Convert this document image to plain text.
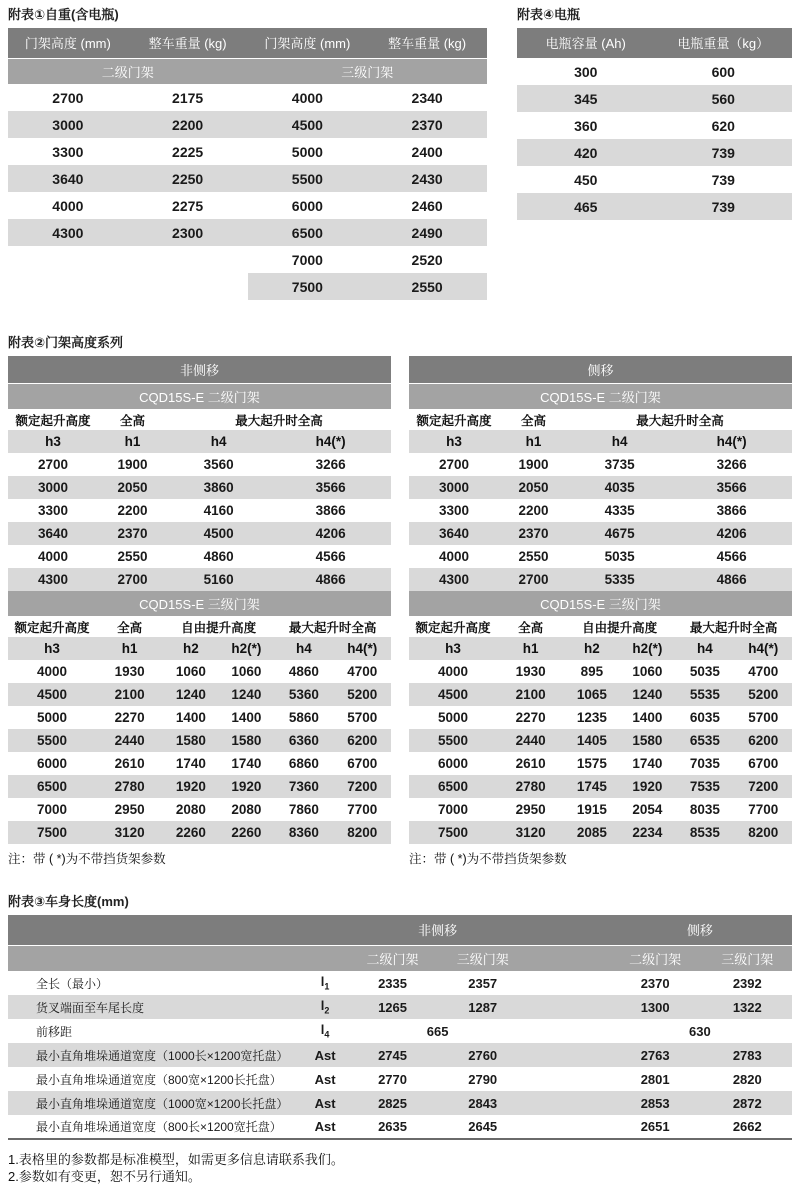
附表①自重(含电瓶)
门架高度 (mm)	整车重量 (kg)	门架高度 (mm)	整车重量 (kg)
二级门架		三级门架	
2700	2175	4000	2340
3000	2200	4500	2370
3300	2225	5000	2400
3640	2250	5500	2430
4000	2275	6000	2460
4300	2300	6500	2490
		7000	2520
		7500	2550
附表④电瓶
电瓶容量 (Ah)	电瓶重量（kg）
300	600
345	560
360	620
420	739
450	739
465	739
附表②门架高度系列
非侧移
CQD15S-E 二级门架			
额定起升高度	全高	最大起升时全高	
h3	h1	h4	h4(*)
2700	1900	3560	3266
3000	2050	3860	3566
3300	2200	4160	3866
3640	2370	4500	4206
4000	2550	4860	4566
4300	2700	5160	4866
CQD15S-E 三级门架					
额定起升高度	全高	自由提升高度		最大起升时全高	
h3	h1	h2	h2(*)	h4	h4(*)
4000	1930	1060	1060	4860	4700
4500	2100	1240	1240	5360	5200
5000	2270	1400	1400	5860	5700
5500	2440	1580	1580	6360	6200
6000	2610	1740	1740	6860	6700
6500	2780	1920	1920	7360	7200
7000	2950	2080	2080	7860	7700
7500	3120	2260	2260	8360	8200
注：带 ( *)为不带挡货架参数
侧移
CQD15S-E 二级门架			
额定起升高度	全高	最大起升时全高	
h3	h1	h4	h4(*)
2700	1900	3735	3266
3000	2050	4035	3566
3300	2200	4335	3866
3640	2370	4675	4206
4000	2550	5035	4566
4300	2700	5335	4866
CQD15S-E 三级门架					
额定起升高度	全高	自由提升高度		最大起升时全高	
h3	h1	h2	h2(*)	h4	h4(*)
4000	1930	895	1060	5035	4700
4500	2100	1065	1240	5535	5200
5000	2270	1235	1400	6035	5700
5500	2440	1405	1580	6535	6200
6000	2610	1575	1740	7035	6700
6500	2780	1745	1920	7535	7200
7000	2950	1915	2054	8035	7700
7500	3120	2085	2234	8535	8200
注：带 ( *)为不带挡货架参数
附表③车身长度(mm)
		非侧移			侧移	
		二级门架	三级门架		二级门架	三级门架
全长（最小）	$l_1$	2335	2357		2370	2392
货叉端面至车尾长度	$l_2$	1265	1287		1300	1322
前移距	$l_4$	665			630	
最小直角堆垛通道宽度（1000长×1200宽托盘）	Ast	2745	2760		2763	2783
最小直角堆垛通道宽度（800宽×1200长托盘）	Ast	2770	2790		2801	2820
最小直角堆垛通道宽度（1000宽×1200长托盘）	Ast	2825	2843		2853	2872
最小直角堆垛通道宽度（800长×1200宽托盘）	Ast	2635	2645		2651	2662
1.表格里的参数都是标准模型，如需更多信息请联系我们。
2.参数如有变更，恕不另行通知。
